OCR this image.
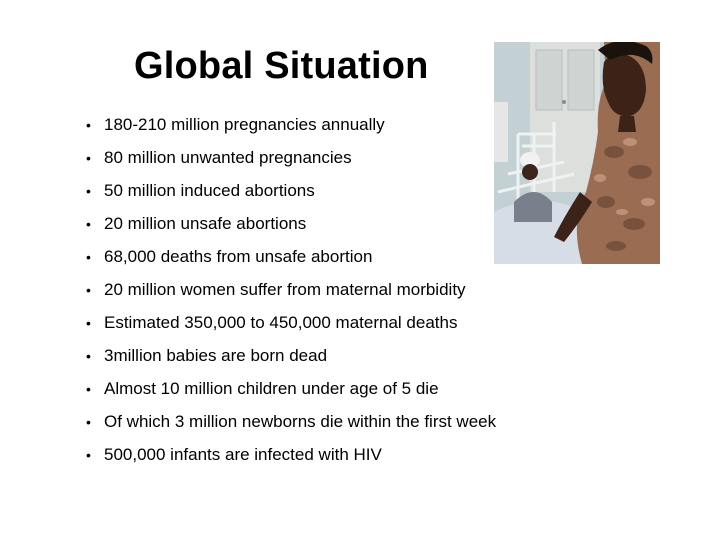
Global Situation
• 180-210 million pregnancies annually
• 80 million unwanted pregnancies
• 50 million induced abortions
• 20 million unsafe abortions
• 68,000 deaths from unsafe abortion
• 20 million women suffer from maternal morbidity
• Estimated 350,000 to 450,000 maternal deaths
• 3million babies are born dead
• Almost 10 million children under age of 5 die
• Of which 3 million newborns die within the first week
• 500,000 infants are infected with HIV
